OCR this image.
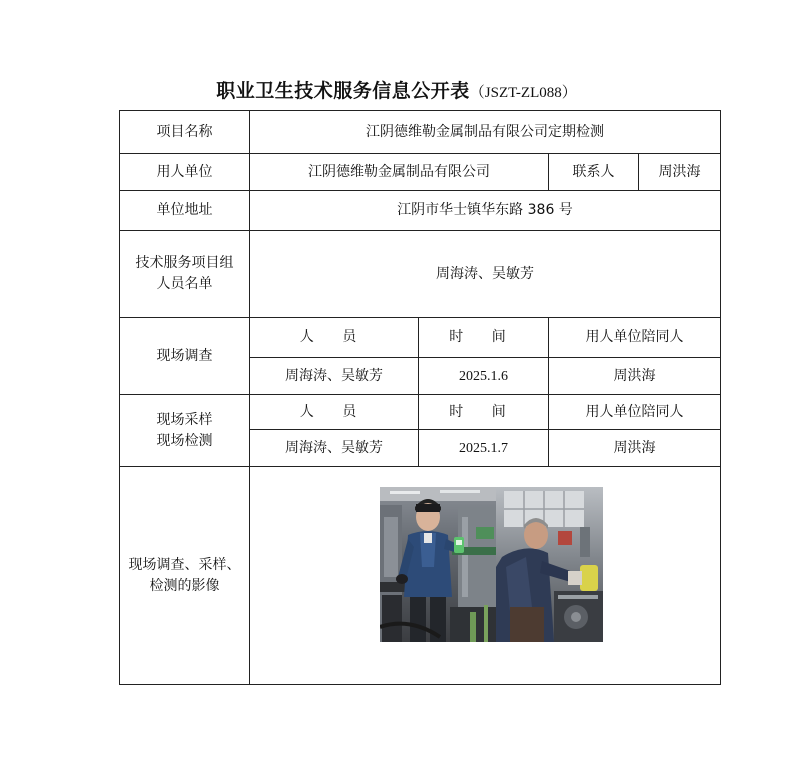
职业卫生技术服务信息公开表（JSZT-ZL088）
项目名称	江阴德维勒金属制品有限公司定期检测			
用人单位	江阴德维勒金属制品有限公司		联系人	周洪海
单位地址	江阴市华士镇华东路 386 号			

技术服务项目组人员名单	周海涛、吴敏芳			
现场调查	人 员	时 间	用人单位陪同人	
	周海涛、吴敏芳	2025.1.6	周洪海	

现场采样
现场检测	人 员	时 间	用人单位陪同人	
	周海涛、吴敏芳	2025.1.7	周洪海	

现场调查、采样、
检测的影像
